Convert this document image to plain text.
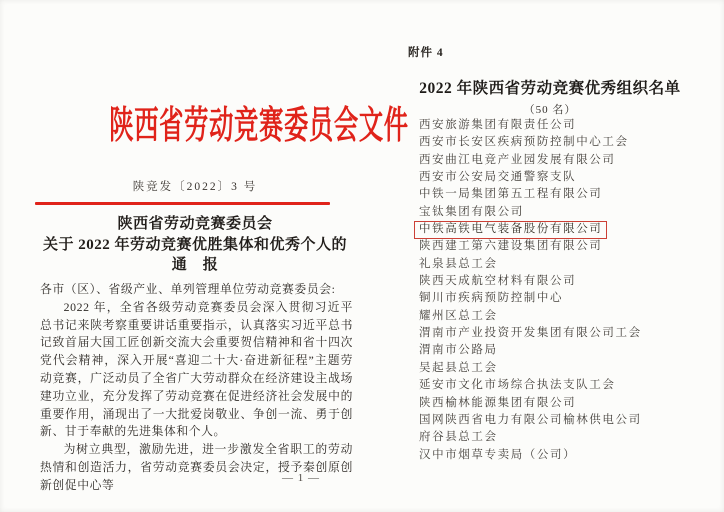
陕西省劳动竞赛委员会文件
陕竞发〔2022〕3 号
陕西省劳动竞赛委员会
关于 2022 年劳动竞赛优胜集体和优秀个人的
通　报

各市（区）、省级产业、单列管理单位劳动竞赛委员会:

2022 年，全省各级劳动竞赛委员会深入贯彻习近平总书记来陕考察重要讲话重要指示，认真落实习近平总书记致首届大国工匠创新交流大会重要贺信精神和省十四次党代会精神，深入开展“喜迎二十大·奋进新征程”主题劳动竞赛，广泛动员了全省广大劳动群众在经济建设主战场建功立业，充分发挥了劳动竞赛在促进经济社会发展中的重要作用，涌现出了一大批爱岗敬业、争创一流、勇于创新、甘于奉献的先进集体和个人。

为树立典型，激励先进，进一步激发全省职工的劳动热情和创造活力，省劳动竞赛委员会决定，授予秦创原创新创促中心等	— 1 —
附件 4
2022 年陕西省劳动竞赛优秀组织名单
（50 名）
西安旅游集团有限责任公司
西安市长安区疾病预防控制中心工会
西安曲江电竞产业园发展有限公司
西安市公安局交通警察支队
中铁一局集团第五工程有限公司
宝钛集团有限公司
中铁高铁电气装备股份有限公司
陕西建工第六建设集团有限公司
礼泉县总工会
陕西天成航空材料有限公司
铜川市疾病预防控制中心
耀州区总工会
渭南市产业投资开发集团有限公司工会
渭南市公路局
吴起县总工会
延安市文化市场综合执法支队工会
陕西榆林能源集团有限公司
国网陕西省电力有限公司榆林供电公司
府谷县总工会
汉中市烟草专卖局（公司）
